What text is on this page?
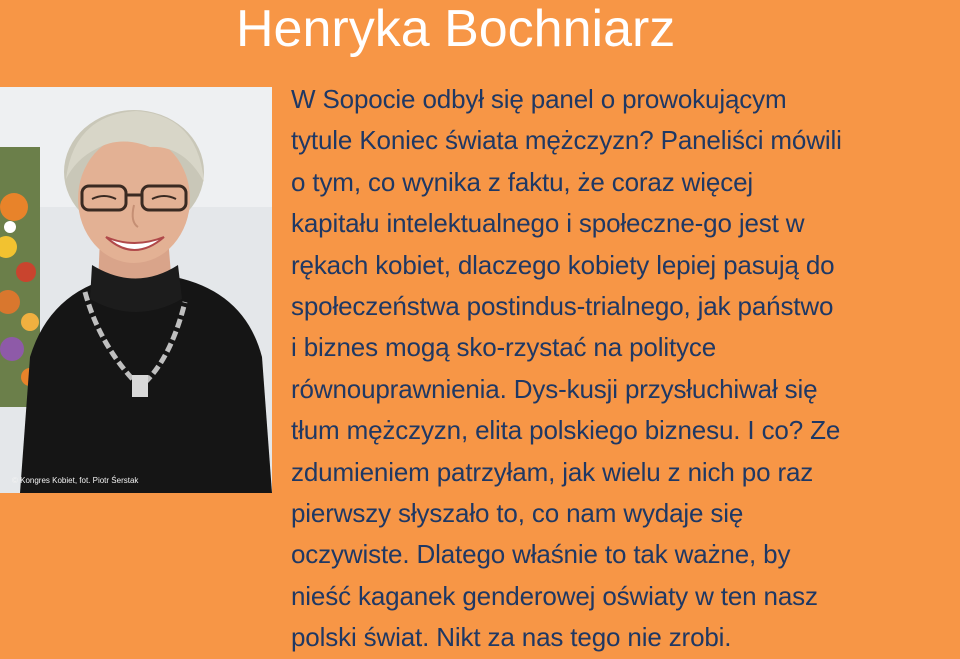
Henryka Bochniarz
© Kongres Kobiet, fot. Piotr Śerstak

W Sopocie odbył się panel o prowokującym
tytule Koniec świata mężczyzn? Paneliści mówili
o tym, co wynika z faktu, że coraz więcej
kapitału intelektualnego i społeczne-go jest w
rękach kobiet, dlaczego kobiety lepiej pasują do
społeczeństwa postindus-trialnego, jak państwo
i biznes mogą sko-rzystać na polityce
równouprawnienia. Dys-kusji przysłuchiwał się
tłum mężczyzn, elita polskiego biznesu. I co? Ze
zdumieniem patrzyłam, jak wielu z nich po raz
pierwszy słyszało to, co nam wydaje się
oczywiste. Dlatego właśnie to tak ważne, by
nieść kaganek genderowej oświaty w ten nasz
polski świat. Nikt za nas tego nie zrobi.
